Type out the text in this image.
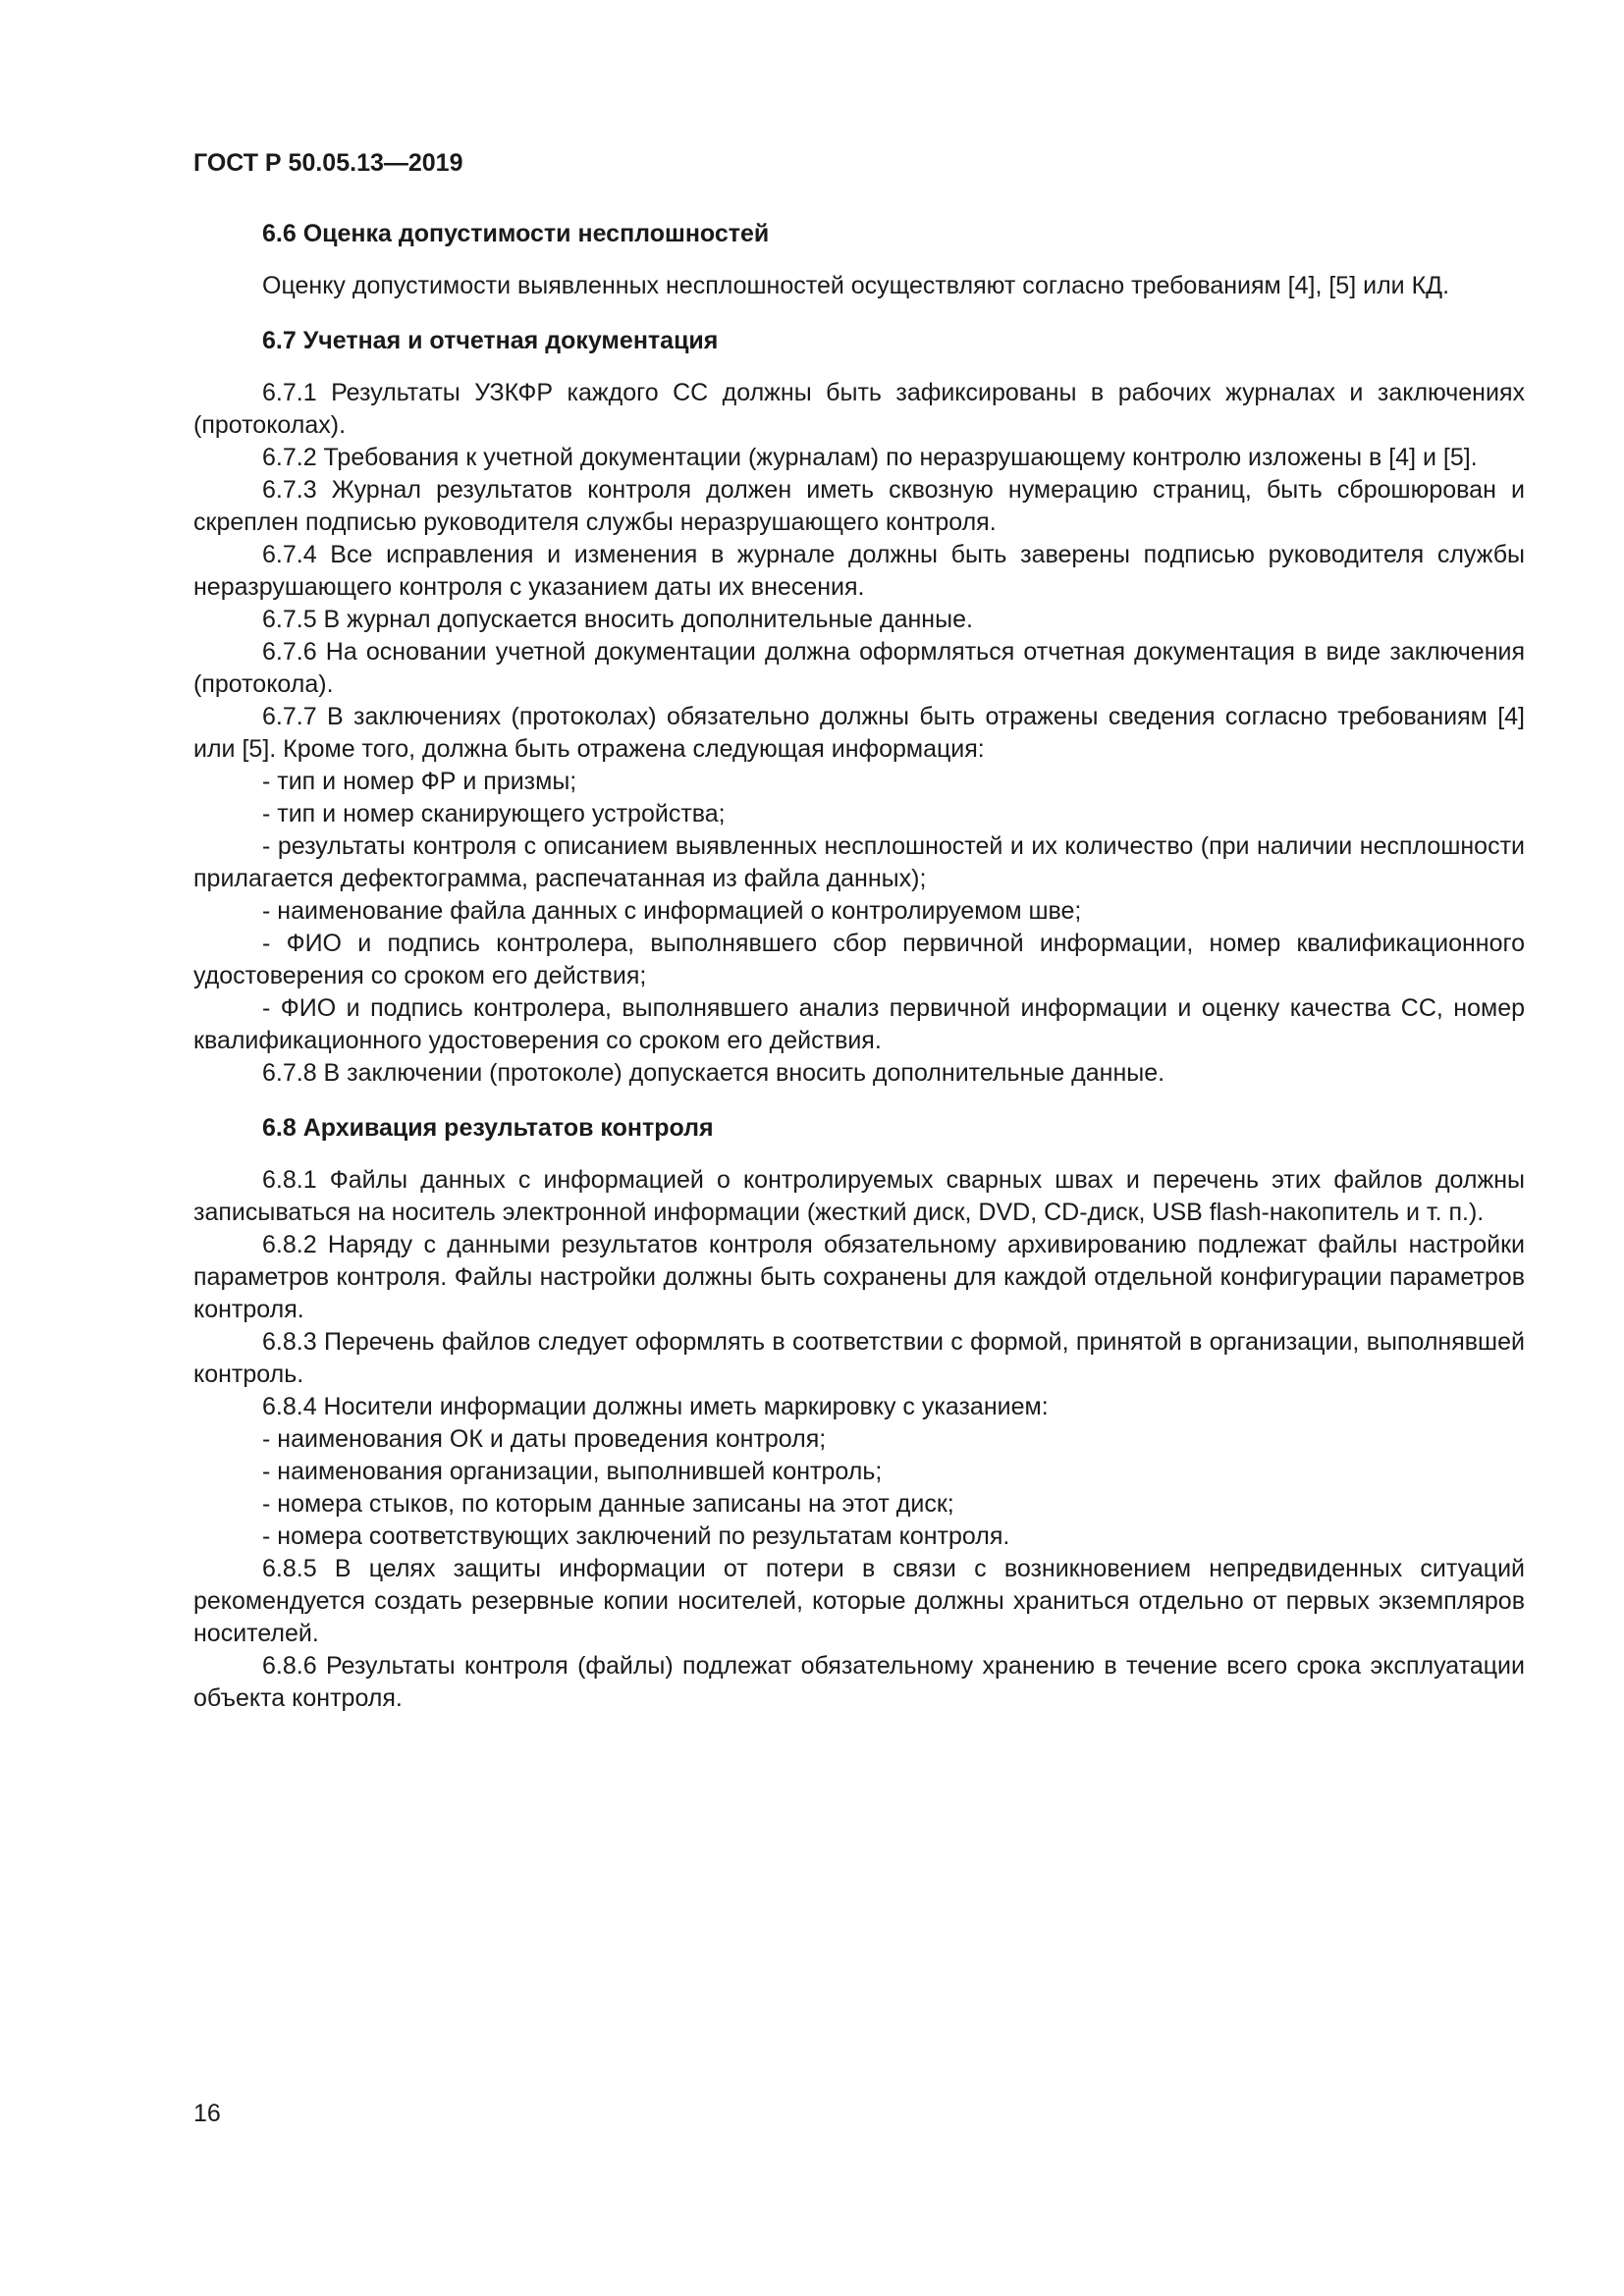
ГОСТ Р 50.05.13—2019
6.6 Оценка допустимости несплошностей

Оценку допустимости выявленных несплошностей осуществляют согласно требованиям [4], [5] или КД.

6.7 Учетная и отчетная документация

6.7.1 Результаты УЗКФР каждого СС должны быть зафиксированы в рабочих журналах и заключениях (протоколах).

6.7.2 Требования к учетной документации (журналам) по неразрушающему контролю изложены в [4] и [5].

6.7.3 Журнал результатов контроля должен иметь сквозную нумерацию страниц, быть сброшюрован и скреплен подписью руководителя службы неразрушающего контроля.

6.7.4 Все исправления и изменения в журнале должны быть заверены подписью руководителя службы неразрушающего контроля с указанием даты их внесения.

6.7.5 В журнал допускается вносить дополнительные данные.

6.7.6 На основании учетной документации должна оформляться отчетная документация в виде заключения (протокола).

6.7.7 В заключениях (протоколах) обязательно должны быть отражены сведения согласно требованиям [4] или [5]. Кроме того, должна быть отражена следующая информация:

- тип и номер ФР и призмы;

- тип и номер сканирующего устройства;

- результаты контроля с описанием выявленных несплошностей и их количество (при наличии несплошности прилагается дефектограмма, распечатанная из файла данных);

- наименование файла данных с информацией о контролируемом шве;

- ФИО и подпись контролера, выполнявшего сбор первичной информации, номер квалификационного удостоверения со сроком его действия;

- ФИО и подпись контролера, выполнявшего анализ первичной информации и оценку качества СС, номер квалификационного удостоверения со сроком его действия.

6.7.8 В заключении (протоколе) допускается вносить дополнительные данные.

6.8 Архивация результатов контроля

6.8.1 Файлы данных с информацией о контролируемых сварных швах и перечень этих файлов должны записываться на носитель электронной информации (жесткий диск, DVD, CD-диск, USB flash-накопитель и т. п.).

6.8.2 Наряду с данными результатов контроля обязательному архивированию подлежат файлы настройки параметров контроля. Файлы настройки должны быть сохранены для каждой отдельной конфигурации параметров контроля.

6.8.3 Перечень файлов следует оформлять в соответствии с формой, принятой в организации, выполнявшей контроль.

6.8.4 Носители информации должны иметь маркировку с указанием:

- наименования ОК и даты проведения контроля;

- наименования организации, выполнившей контроль;

- номера стыков, по которым данные записаны на этот диск;

- номера соответствующих заключений по результатам контроля.

6.8.5 В целях защиты информации от потери в связи с возникновением непредвиденных ситуаций рекомендуется создать резервные копии носителей, которые должны храниться отдельно от первых экземпляров носителей.

6.8.6 Результаты контроля (файлы) подлежат обязательному хранению в течение всего срока эксплуатации объекта контроля.

16
